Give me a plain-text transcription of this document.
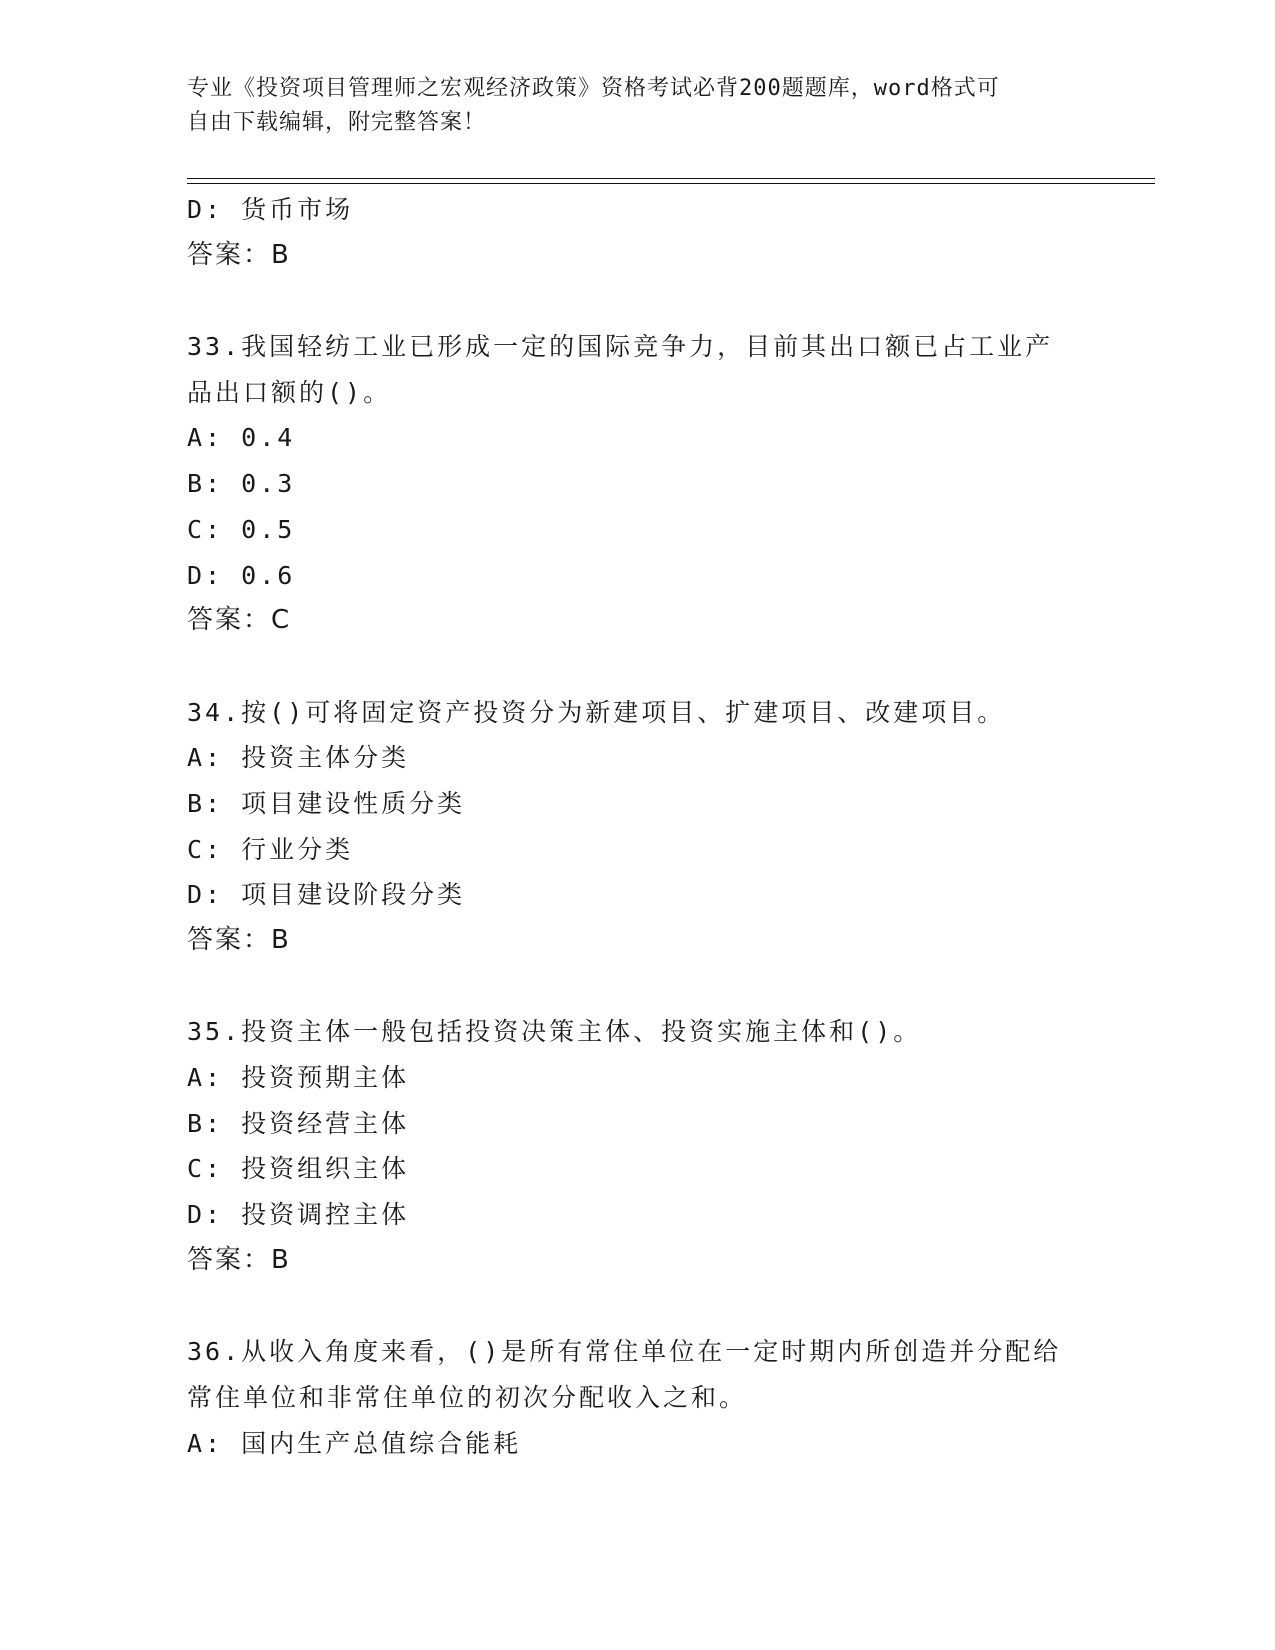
专业《投资项目管理师之宏观经济政策》资格考试必背200题题库，word格式可
自由下载编辑，附完整答案！
D: 货币市场
答案：B
33.我国轻纺工业已形成一定的国际竞争力，目前其出口额已占工业产
品出口额的()。
A: 0.4
B: 0.3
C: 0.5
D: 0.6
答案：C
34.按()可将固定资产投资分为新建项目、扩建项目、改建项目。
A: 投资主体分类
B: 项目建设性质分类
C: 行业分类
D: 项目建设阶段分类
答案：B
35.投资主体一般包括投资决策主体、投资实施主体和()。
A: 投资预期主体
B: 投资经营主体
C: 投资组织主体
D: 投资调控主体
答案：B
36.从收入角度来看，()是所有常住单位在一定时期内所创造并分配给
常住单位和非常住单位的初次分配收入之和。
A: 国内生产总值综合能耗
